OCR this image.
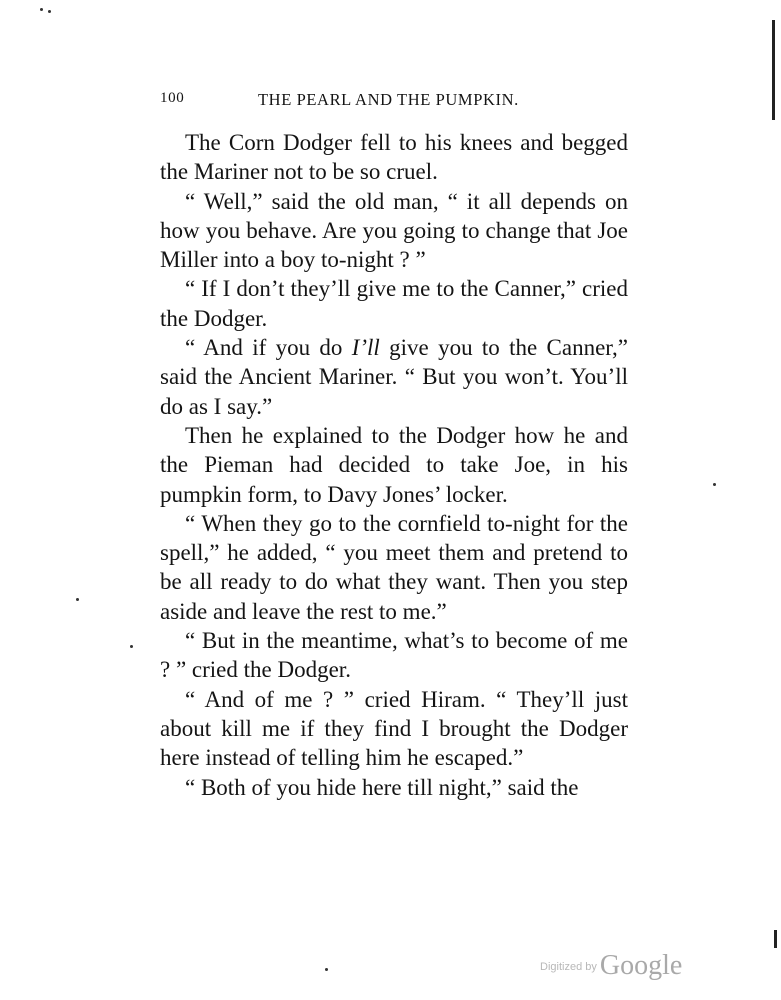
100	THE PEARL AND THE PUMPKIN.

The Corn Dodger fell to his knees and begged the Mariner not to be so cruel.

“ Well,” said the old man, “ it all depends on how you behave. Are you going to change that Joe Miller into a boy to-night ? ”

“ If I don’t they’ll give me to the Canner,” cried the Dodger.

“ And if you do I’ll give you to the Canner,” said the Ancient Mariner. “ But you won’t. You’ll do as I say.”

Then he explained to the Dodger how he and the Pieman had decided to take Joe, in his pumpkin form, to Davy Jones’ locker.

“ When they go to the cornfield to-night for the spell,” he added, “ you meet them and pretend to be all ready to do what they want. Then you step aside and leave the rest to me.”

“ But in the meantime, what’s to become of me ? ” cried the Dodger.

“ And of me ? ” cried Hiram. “ They’ll just about kill me if they find I brought the Dodger here instead of telling him he escaped.”

“ Both of you hide here till night,” said the

$^{Digitized by}$ Google
